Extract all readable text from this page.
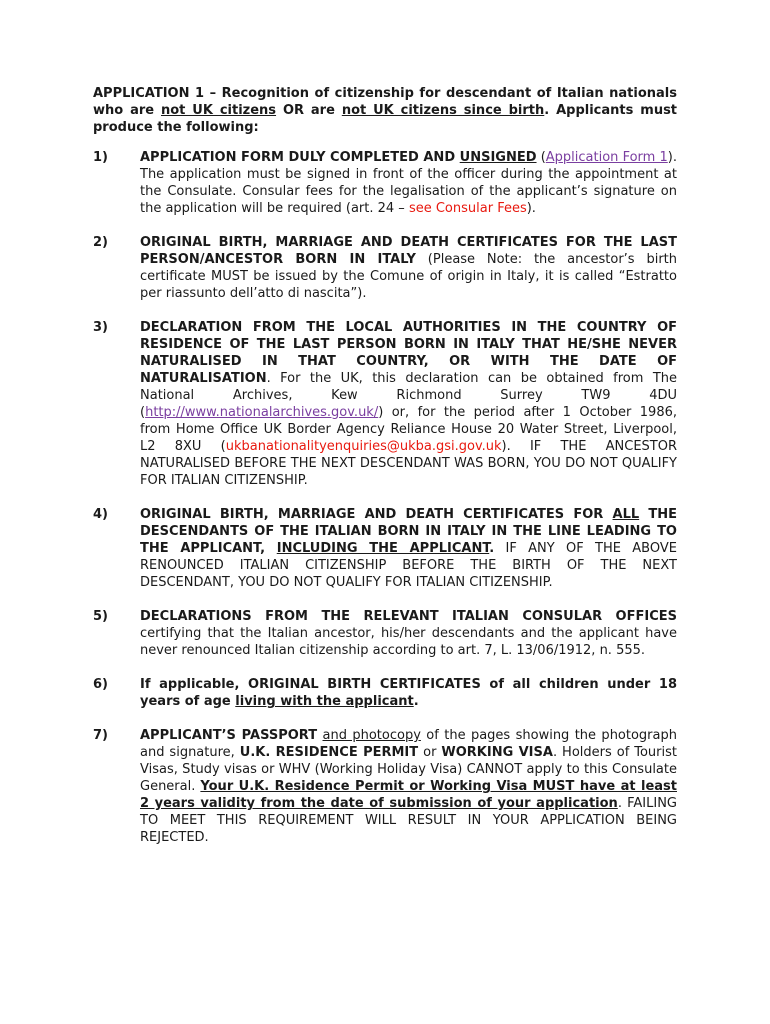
APPLICATION 1 – Recognition of citizenship for descendant of Italian nationals who are not UK citizens OR are not UK citizens since birth. Applicants must produce the following:

1) APPLICATION FORM DULY COMPLETED AND UNSIGNED (Application Form 1). The application must be signed in front of the officer during the appointment at the Consulate. Consular fees for the legalisation of the applicant’s signature on the application will be required (art. 24 – see Consular Fees).
2) ORIGINAL BIRTH, MARRIAGE AND DEATH CERTIFICATES FOR THE LAST PERSON/ANCESTOR BORN IN ITALY (Please Note: the ancestor’s birth certificate MUST be issued by the Comune of origin in Italy, it is called “Estratto per riassunto dell’atto di nascita”).
3) DECLARATION FROM THE LOCAL AUTHORITIES IN THE COUNTRY OF RESIDENCE OF THE LAST PERSON BORN IN ITALY THAT HE/SHE NEVER NATURALISED IN THAT COUNTRY, OR WITH THE DATE OF NATURALISATION. For the UK, this declaration can be obtained from The National Archives, Kew Richmond Surrey TW9 4DU (http://www.nationalarchives.gov.uk/) or, for the period after 1 October 1986, from Home Office UK Border Agency Reliance House 20 Water Street, Liverpool, L2 8XU (ukbanationalityenquiries@ukba.gsi.gov.uk). IF THE ANCESTOR NATURALISED BEFORE THE NEXT DESCENDANT WAS BORN, YOU DO NOT QUALIFY FOR ITALIAN CITIZENSHIP.
4) ORIGINAL BIRTH, MARRIAGE AND DEATH CERTIFICATES FOR ALL THE DESCENDANTS OF THE ITALIAN BORN IN ITALY IN THE LINE LEADING TO THE APPLICANT, INCLUDING THE APPLICANT. IF ANY OF THE ABOVE RENOUNCED ITALIAN CITIZENSHIP BEFORE THE BIRTH OF THE NEXT DESCENDANT, YOU DO NOT QUALIFY FOR ITALIAN CITIZENSHIP.
5) DECLARATIONS FROM THE RELEVANT ITALIAN CONSULAR OFFICES certifying that the Italian ancestor, his/her descendants and the applicant have never renounced Italian citizenship according to art. 7, L. 13/06/1912, n. 555.
6) If applicable, ORIGINAL BIRTH CERTIFICATES of all children under 18 years of age living with the applicant.
7) APPLICANT’S PASSPORT and photocopy of the pages showing the photograph and signature, U.K. RESIDENCE PERMIT or WORKING VISA. Holders of Tourist Visas, Study visas or WHV (Working Holiday Visa) CANNOT apply to this Consulate General. Your U.K. Residence Permit or Working Visa MUST have at least 2 years validity from the date of submission of your application. FAILING TO MEET THIS REQUIREMENT WILL RESULT IN YOUR APPLICATION BEING REJECTED.
